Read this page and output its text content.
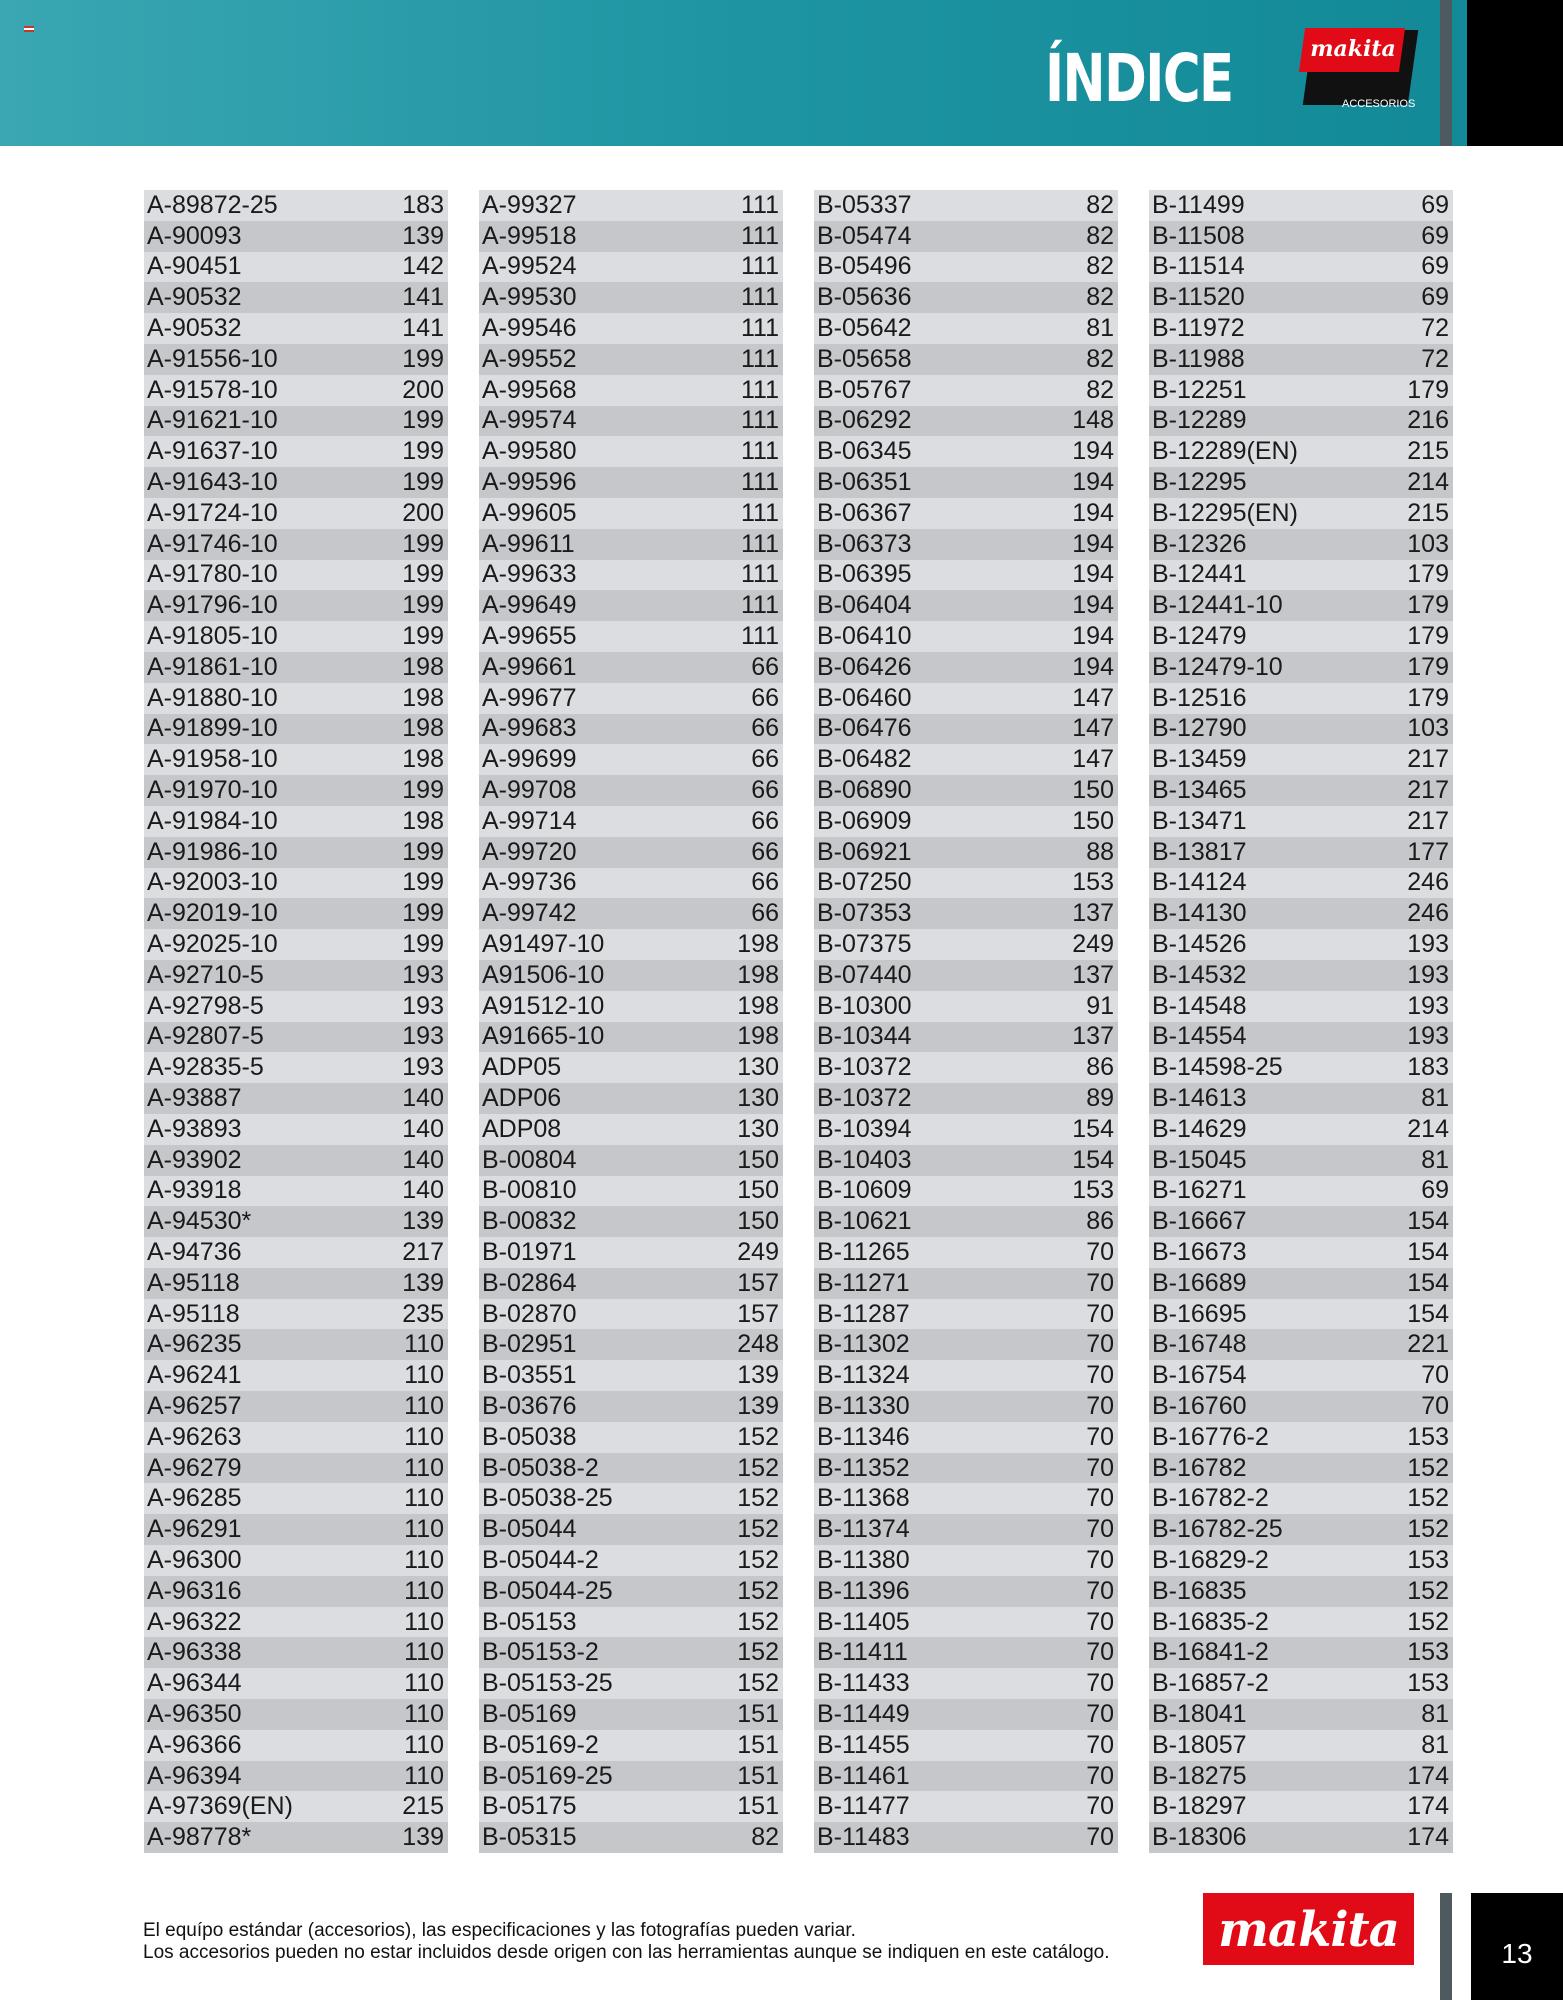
ÍNDICE	makita
ACCESORIOS
A-89872-25	183
A-90093	139
A-90451	142
A-90532	141
A-90532	141
A-91556-10	199
A-91578-10	200
A-91621-10	199
A-91637-10	199
A-91643-10	199
A-91724-10	200
A-91746-10	199
A-91780-10	199
A-91796-10	199
A-91805-10	199
A-91861-10	198
A-91880-10	198
A-91899-10	198
A-91958-10	198
A-91970-10	199
A-91984-10	198
A-91986-10	199
A-92003-10	199
A-92019-10	199
A-92025-10	199
A-92710-5	193
A-92798-5	193
A-92807-5	193
A-92835-5	193
A-93887	140
A-93893	140
A-93902	140
A-93918	140
A-94530*	139
A-94736	217
A-95118	139
A-95118	235
A-96235	110
A-96241	110
A-96257	110
A-96263	110
A-96279	110
A-96285	110
A-96291	110
A-96300	110
A-96316	110
A-96322	110
A-96338	110
A-96344	110
A-96350	110
A-96366	110
A-96394	110
A-97369(EN)	215
A-98778*	139
A-99327	111
A-99518	111
A-99524	111
A-99530	111
A-99546	111
A-99552	111
A-99568	111
A-99574	111
A-99580	111
A-99596	111
A-99605	111
A-99611	111
A-99633	111
A-99649	111
A-99655	111
A-99661	66
A-99677	66
A-99683	66
A-99699	66
A-99708	66
A-99714	66
A-99720	66
A-99736	66
A-99742	66
A91497-10	198
A91506-10	198
A91512-10	198
A91665-10	198
ADP05	130
ADP06	130
ADP08	130
B-00804	150
B-00810	150
B-00832	150
B-01971	249
B-02864	157
B-02870	157
B-02951	248
B-03551	139
B-03676	139
B-05038	152
B-05038-2	152
B-05038-25	152
B-05044	152
B-05044-2	152
B-05044-25	152
B-05153	152
B-05153-2	152
B-05153-25	152
B-05169	151
B-05169-2	151
B-05169-25	151
B-05175	151
B-05315	82
B-05337	82
B-05474	82
B-05496	82
B-05636	82
B-05642	81
B-05658	82
B-05767	82
B-06292	148
B-06345	194
B-06351	194
B-06367	194
B-06373	194
B-06395	194
B-06404	194
B-06410	194
B-06426	194
B-06460	147
B-06476	147
B-06482	147
B-06890	150
B-06909	150
B-06921	88
B-07250	153
B-07353	137
B-07375	249
B-07440	137
B-10300	91
B-10344	137
B-10372	86
B-10372	89
B-10394	154
B-10403	154
B-10609	153
B-10621	86
B-11265	70
B-11271	70
B-11287	70
B-11302	70
B-11324	70
B-11330	70
B-11346	70
B-11352	70
B-11368	70
B-11374	70
B-11380	70
B-11396	70
B-11405	70
B-11411	70
B-11433	70
B-11449	70
B-11455	70
B-11461	70
B-11477	70
B-11483	70
B-11499	69
B-11508	69
B-11514	69
B-11520	69
B-11972	72
B-11988	72
B-12251	179
B-12289	216
B-12289(EN)	215
B-12295	214
B-12295(EN)	215
B-12326	103
B-12441	179
B-12441-10	179
B-12479	179
B-12479-10	179
B-12516	179
B-12790	103
B-13459	217
B-13465	217
B-13471	217
B-13817	177
B-14124	246
B-14130	246
B-14526	193
B-14532	193
B-14548	193
B-14554	193
B-14598-25	183
B-14613	81
B-14629	214
B-15045	81
B-16271	69
B-16667	154
B-16673	154
B-16689	154
B-16695	154
B-16748	221
B-16754	70
B-16760	70
B-16776-2	153
B-16782	152
B-16782-2	152
B-16782-25	152
B-16829-2	153
B-16835	152
B-16835-2	152
B-16841-2	153
B-16857-2	153
B-18041	81
B-18057	81
B-18275	174
B-18297	174
B-18306	174
El equípo estándar (accesorios), las especificaciones y las fotografías pueden variar.
Los accesorios pueden no estar incluidos desde origen con las herramientas aunque se indiquen en este catálogo.	makita	13
